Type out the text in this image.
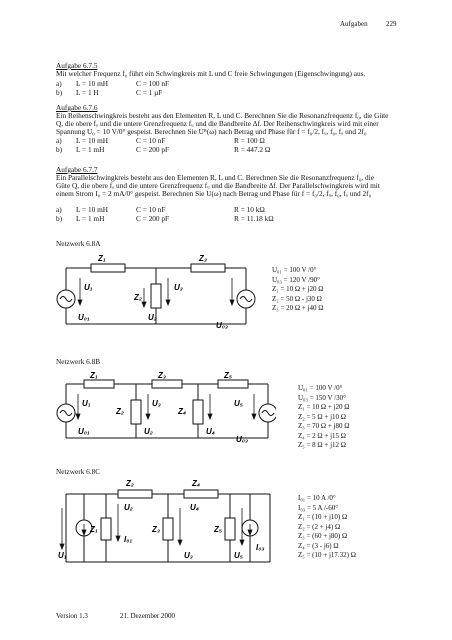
Aufgaben	229
Aufgabe 6.7.5
Mit welcher Frequenz f₀ führt ein Schwingkreis mit L und C freie Schwingungen (Eigenschwingung) aus.
a) L = 10 mH	C = 100 nF
b) L = 1 H	C = 1 µF
Aufgabe 6.7.6
Ein Reihenschwingkreis besteht aus den Elementen R, L und C. Berechnen Sie die Resonanzfrequenz f₀, die Güte
Q, die obere fₒ und die untere Grenzfrequenz fᵤ und die Bandbreite Δf. Der Reihenschwingkreis wird mit einer
Spannung U₀ = 10 V/0° gespeist. Berechnen Sie Uᴿ(ω) nach Betrag und Phase für f = f₀/2, fᵤ, f₀, fₒ und 2f₀
a) L = 10 mH	C = 10 nF	R = 100 Ω
b) L = 1 mH	C = 200 pF	R = 447.2 Ω
Aufgabe 6.7.7
Ein Parallelschwingkreis besteht aus den Elementen R, L und C. Berechnen Sie die Resonanzfrequenz f₀, die
Güte Q, die obere fₒ und die untere Grenzfrequenz fᵤ und die Bandbreite Δf. Der Parallelschwingkreis wird mit
einem Strom I₀ = 2 mA/0° gespeist. Berechnen Sie U(ω) nach Betrag und Phase für f = f₀/2, fᵤ, f₀, fₒ und 2f₀
a) L = 10 mH	C = 10 nF	R = 10 kΩ
b) L = 1 mH	C = 200 pF	R = 11.18 kΩ
Netzwerk 6.8A
Z₁	Z₃
Z₂
U₁	U₃
U₂
U₀₁
U₀₃
U₀₁ = 100 V /0°
U₀₃ = 120 V /90°
Z₁ = 10 Ω + j20 Ω
Z₂ = 50 Ω - j30 Ω
Z₃ = 20 Ω + j40 Ω
Netzwerk 6.8B
Z₁	Z₃	Z₅
Z₂	Z₄
U₁	U₃	U₅
U₂	U₄
U₀₁
U₀₃
U₀₁ = 100 V /0°
U₀₃ = 150 V /30°
Z₁ = 10 Ω + j20 Ω
Z₂ = 5 Ω + j10 Ω
Z₃ = 70 Ω + j80 Ω
Z₄ = 2 Ω + j15 Ω
Z₅ = 8 Ω + j12 Ω
Netzwerk 6.8C
Z₂	Z₄
Z₁	Z₃	Z₅
U₂	U₄
U₁	U₃	U₅
I₀₁
I₀₃
I₀₁ = 10 A /0°
I₀₃ = 5 A /-60°
Z₁ = (10 + j10) Ω
Z₂ = (2 + j4) Ω
Z₃ = (60 + j80) Ω
Z₄ = (3 - j6) Ω
Z₅ = (10 + j17.32) Ω
Version 1.3	21. Dezember 2000
